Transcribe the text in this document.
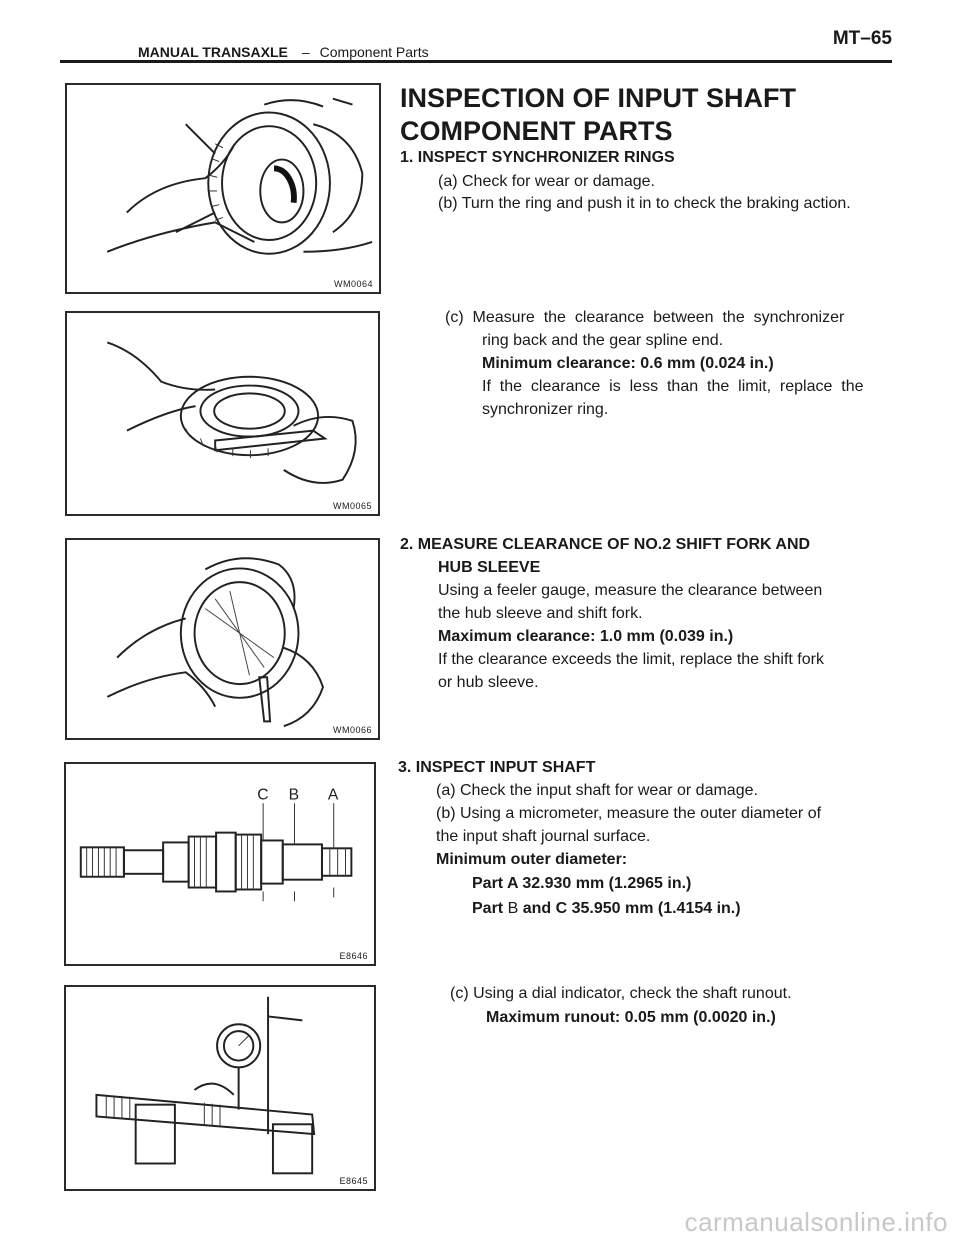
MANUAL TRANSAXLE – Component Parts
MT–65
WM0064
WM0065
WM0066
C B A
E8646
E8645
INSPECTION OF INPUT SHAFT COMPONENT PARTS
1. INSPECT SYNCHRONIZER RINGS
(a) Check for wear or damage.
(b) Turn the ring and push it in to check the braking action.
(c)  Measure  the  clearance  between  the  synchronizer
ring back and the gear spline end.
Minimum clearance: 0.6 mm (0.024 in.)
If  the  clearance  is  less  than  the  limit,  replace  the
synchronizer ring.
2. MEASURE CLEARANCE OF NO.2 SHIFT FORK AND
HUB SLEEVE
Using a feeler gauge, measure the clearance between
the hub sleeve and shift fork.
Maximum clearance: 1.0 mm (0.039 in.)
If the clearance exceeds the limit, replace the shift fork
or hub sleeve.
3. INSPECT INPUT SHAFT
(a) Check the input shaft for wear or damage.
(b) Using a micrometer, measure the outer diameter of
the input shaft journal surface.
Minimum outer diameter:
Part A 32.930 mm (1.2965 in.)
Part B and C 35.950 mm (1.4154 in.)
(c) Using a dial indicator, check the shaft runout.
Maximum runout: 0.05 mm (0.0020 in.)
carmanualsonline.info
